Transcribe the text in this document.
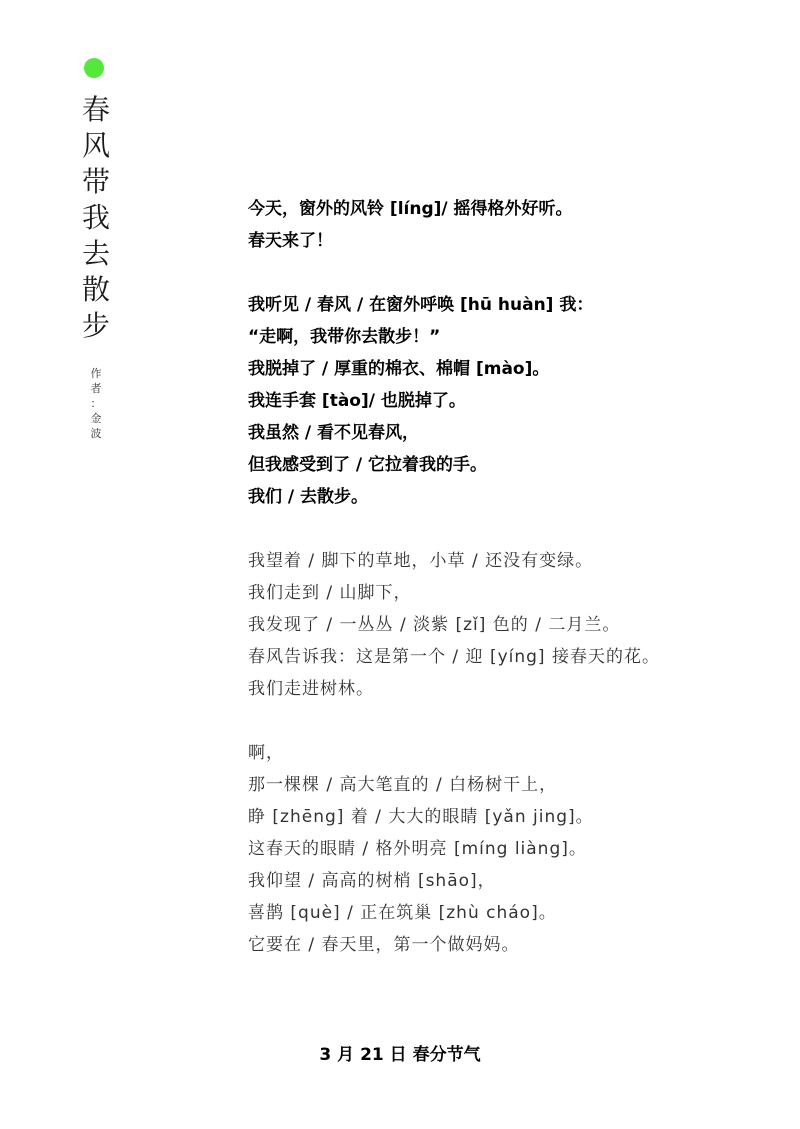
春
风
带
我
去
散
步
作
者
：
金
波
今天，窗外的风铃 [líng]/ 摇得格外好听。
春天来了！
我听见 / 春风 / 在窗外呼唤 [hū huàn] 我：
“走啊，我带你去散步！”
我脱掉了 / 厚重的棉衣、棉帽 [mào]。
我连手套 [tào]/ 也脱掉了。
我虽然 / 看不见春风，
但我感受到了 / 它拉着我的手。
我们 / 去散步。
我望着 / 脚下的草地，小草 / 还没有变绿。
我们走到 / 山脚下，
我发现了 / 一丛丛 / 淡紫 [zǐ] 色的 / 二月兰。
春风告诉我：这是第一个 / 迎 [yíng] 接春天的花。
我们走进树林。
啊，
那一棵棵 / 高大笔直的 / 白杨树干上，
睁 [zhēng] 着 / 大大的眼睛 [yǎn jing]。
这春天的眼睛 / 格外明亮 [míng liàng]。
我仰望 / 高高的树梢 [shāo]，
喜鹊 [què] / 正在筑巢 [zhù cháo]。
它要在 / 春天里，第一个做妈妈。
3 月 21 日 春分节气
